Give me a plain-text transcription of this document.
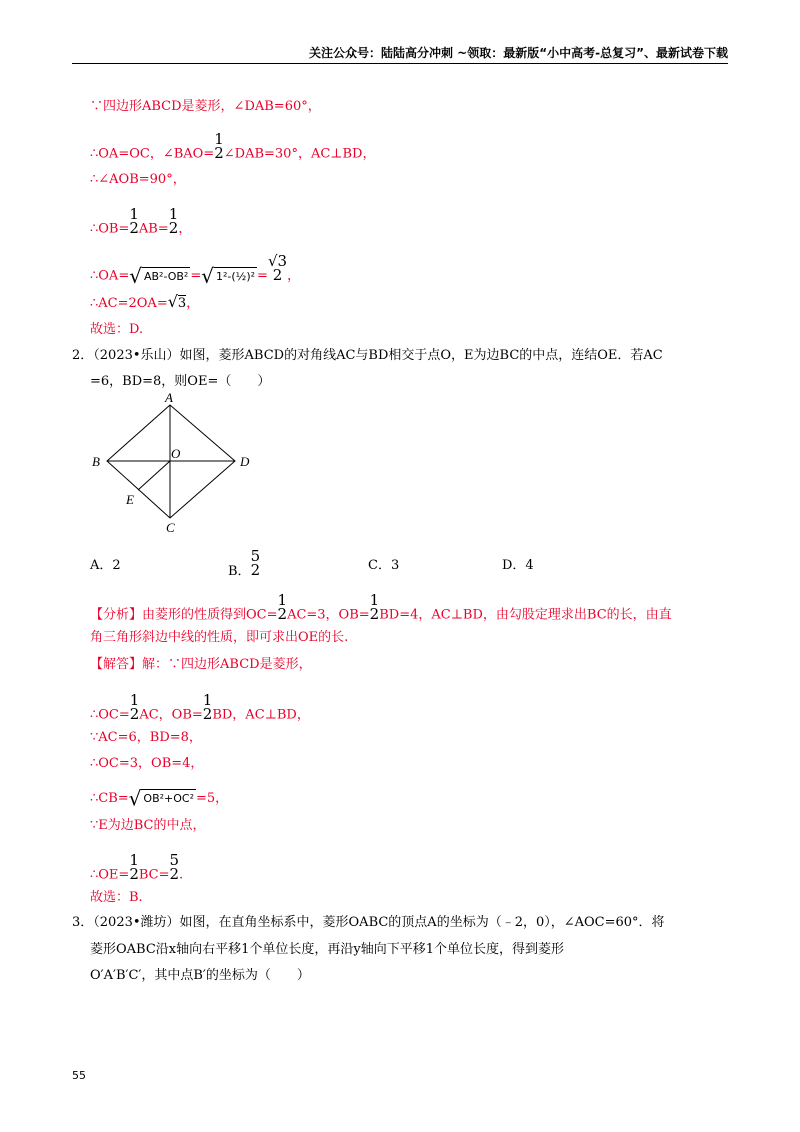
关注公众号：陆陆高分冲刺 ~领取：最新版“小中高考-总复习”、最新试卷下载
∵四边形ABCD是菱形，∠DAB=60°，
∴OA=OC，∠BAO=
1
2 ∠DAB=30°，AC⊥BD，
∴∠AOB=90°，
∴OB=
1
2 AB=
1
2 ，
∴OA=√ AB²-OB² =√ 1²-(½)² =
√3
2 ，
∴AC=2OA=√3，
故选：D.
2．（2023•乐山）如图，菱形ABCD的对角线AC与BD相交于点O，E为边BC的中点，连结OE．若AC
=6，BD=8，则OE=（　　）
A
B
C
D
O
E
A．2	B．
5
2	C．3	D．4
【分析】由菱形的性质得到OC=
1
2 AC=3，OB=
1
2 BD=4，AC⊥BD，由勾股定理求出BC的长，由直
角三角形斜边中线的性质，即可求出OE的长.
【解答】解：∵四边形ABCD是菱形，
∴OC=
1
2 AC，OB=
1
2 BD，AC⊥BD，
∵AC=6，BD=8，
∴OC=3，OB=4，
∴CB=√ OB²+OC² =5，
∵E为边BC的中点，
∴OE=
1
2 BC=
5
2 .
故选：B.
3．（2023•潍坊）如图，在直角坐标系中，菱形OABC的顶点A的坐标为（﹣2，0），∠AOC=60°．将
菱形OABC沿x轴向右平移1个单位长度，再沿y轴向下平移1个单位长度，得到菱形
O′A′B′C′，其中点B′的坐标为（　　）
55
